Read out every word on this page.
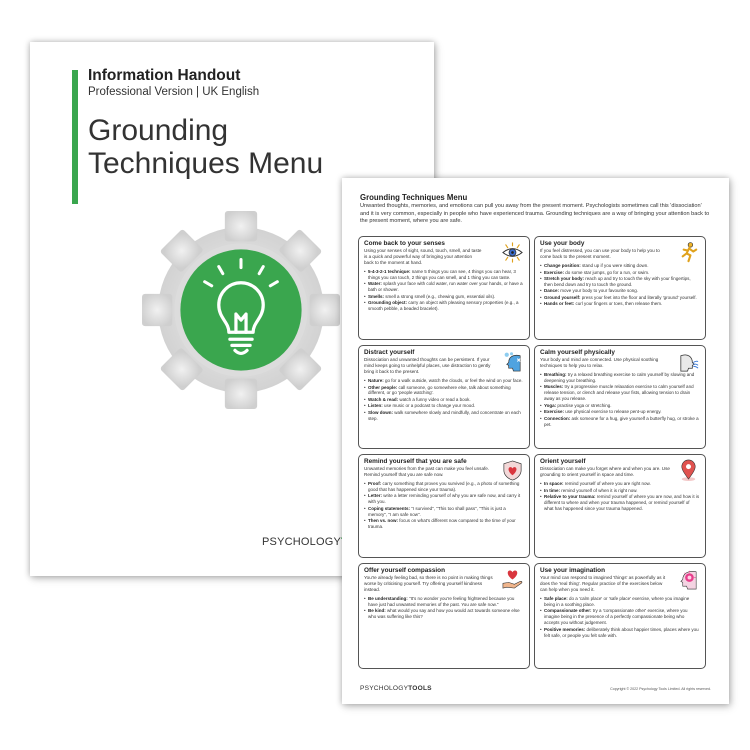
Information Handout
Professional Version | UK English
Grounding
Techniques Menu
PSYCHOLOGY
Grounding Techniques Menu
Unwanted thoughts, memories, and emotions can pull you away from the present moment. Psychologists sometimes call this 'dissociation' and it is very common, especially in people who have experienced trauma. Grounding techniques are a way of bringing your attention back to the present moment, where you are safe.
Come back to your senses
Using your senses of sight, sound, touch, smell, and taste is a quick and powerful way of bringing your attention back to the moment at hand.
• 5-4-3-2-1 technique: name 5 things you can see, 4 things you can hear, 3 things you can touch, 2 things you can smell, and 1 thing you can taste.
• Water: splash your face with cold water, run water over your hands, or have a bath or shower.
• Smells: smell a strong smell (e.g., chewing gum, essential oils).
• Grounding object: carry an object with pleasing sensory properties (e.g., a smooth pebble, a beaded bracelet).
Use your body
If you feel distressed, you can use your body to help you to come back to the present moment.
• Change position: stand up if you were sitting down.
• Exercise: do some star jumps, go for a run, or swim.
• Stretch your body: reach up and try to touch the sky with your fingertips, then bend down and try to touch the ground.
• Dance: move your body to your favourite song.
• Ground yourself: press your feet into the floor and literally 'ground' yourself.
• Hands or feet: curl your fingers or toes, then release them.
Distract yourself
Dissociation and unwanted thoughts can be persistent. If your mind keeps going to unhelpful places, use distraction to gently bring it back to the present.
• Nature: go for a walk outside, watch the clouds, or feel the wind on your face.
• Other people: call someone, go somewhere else, talk about something different, or go 'people watching'.
• Watch & read: watch a funny video or read a book.
• Listen: use music or a podcast to change your mood.
• Slow down: walk somewhere slowly and mindfully, and concentrate on each step.
Calm yourself physically
Your body and mind are connected. Use physical soothing techniques to help you to relax.
• Breathing: try a relaxed breathing exercise to calm yourself by slowing and deepening your breathing.
• Muscles: try a progressive muscle relaxation exercise to calm yourself and release tension, or clench and release your fists, allowing tension to drain away as you release.
• Yoga: practise yoga or stretching.
• Exercise: use physical exercise to release pent-up energy.
• Connection: ask someone for a hug, give yourself a butterfly hug, or stroke a pet.
Remind yourself that you are safe
Unwanted memories from the past can make you feel unsafe. Remind yourself that you are safe now.
• Proof: carry something that proves you survived (e.g., a photo of something good that has happened since your trauma).
• Letter: write a letter reminding yourself of why you are safe now, and carry it with you.
• Coping statements: "I survived", "This too shall pass", "This is just a memory", "I am safe now".
• Then vs. now: focus on what's different now compared to the time of your trauma.
Orient yourself
Dissociation can make you forget where and when you are. Use grounding to orient yourself in space and time.
• In space: remind yourself of where you are right now.
• In time: remind yourself of when it is right now.
• Relative to your trauma: remind yourself of where you are now, and how it is different to where and when your trauma happened, or remind yourself of what has happened since your trauma happened.
Offer yourself compassion
You're already feeling bad, so there is no point in making things worse by criticising yourself. Try offering yourself kindness instead.
• Be understanding: "It's no wonder you're feeling frightened because you have just had unwanted memories of the past. You are safe now."
• Be kind: what would you say and how you would act towards someone else who was suffering like this?
Use your imagination
Your mind can respond to imagined 'things' as powerfully as it does the 'real thing'. Regular practice of the exercises below can help when you need it.
• Safe place: do a 'calm place' or 'safe place' exercise, where you imagine being in a soothing place.
• Compassionate other: try a 'compassionate other' exercise, where you imagine being in the presence of a perfectly compassionate being who accepts you without judgement.
• Positive memories: deliberately think about happier times, places where you felt safe, or people you felt safe with.
PSYCHOLOGYTOOLS	Copyright © 2022 Psychology Tools Limited. All rights reserved.
